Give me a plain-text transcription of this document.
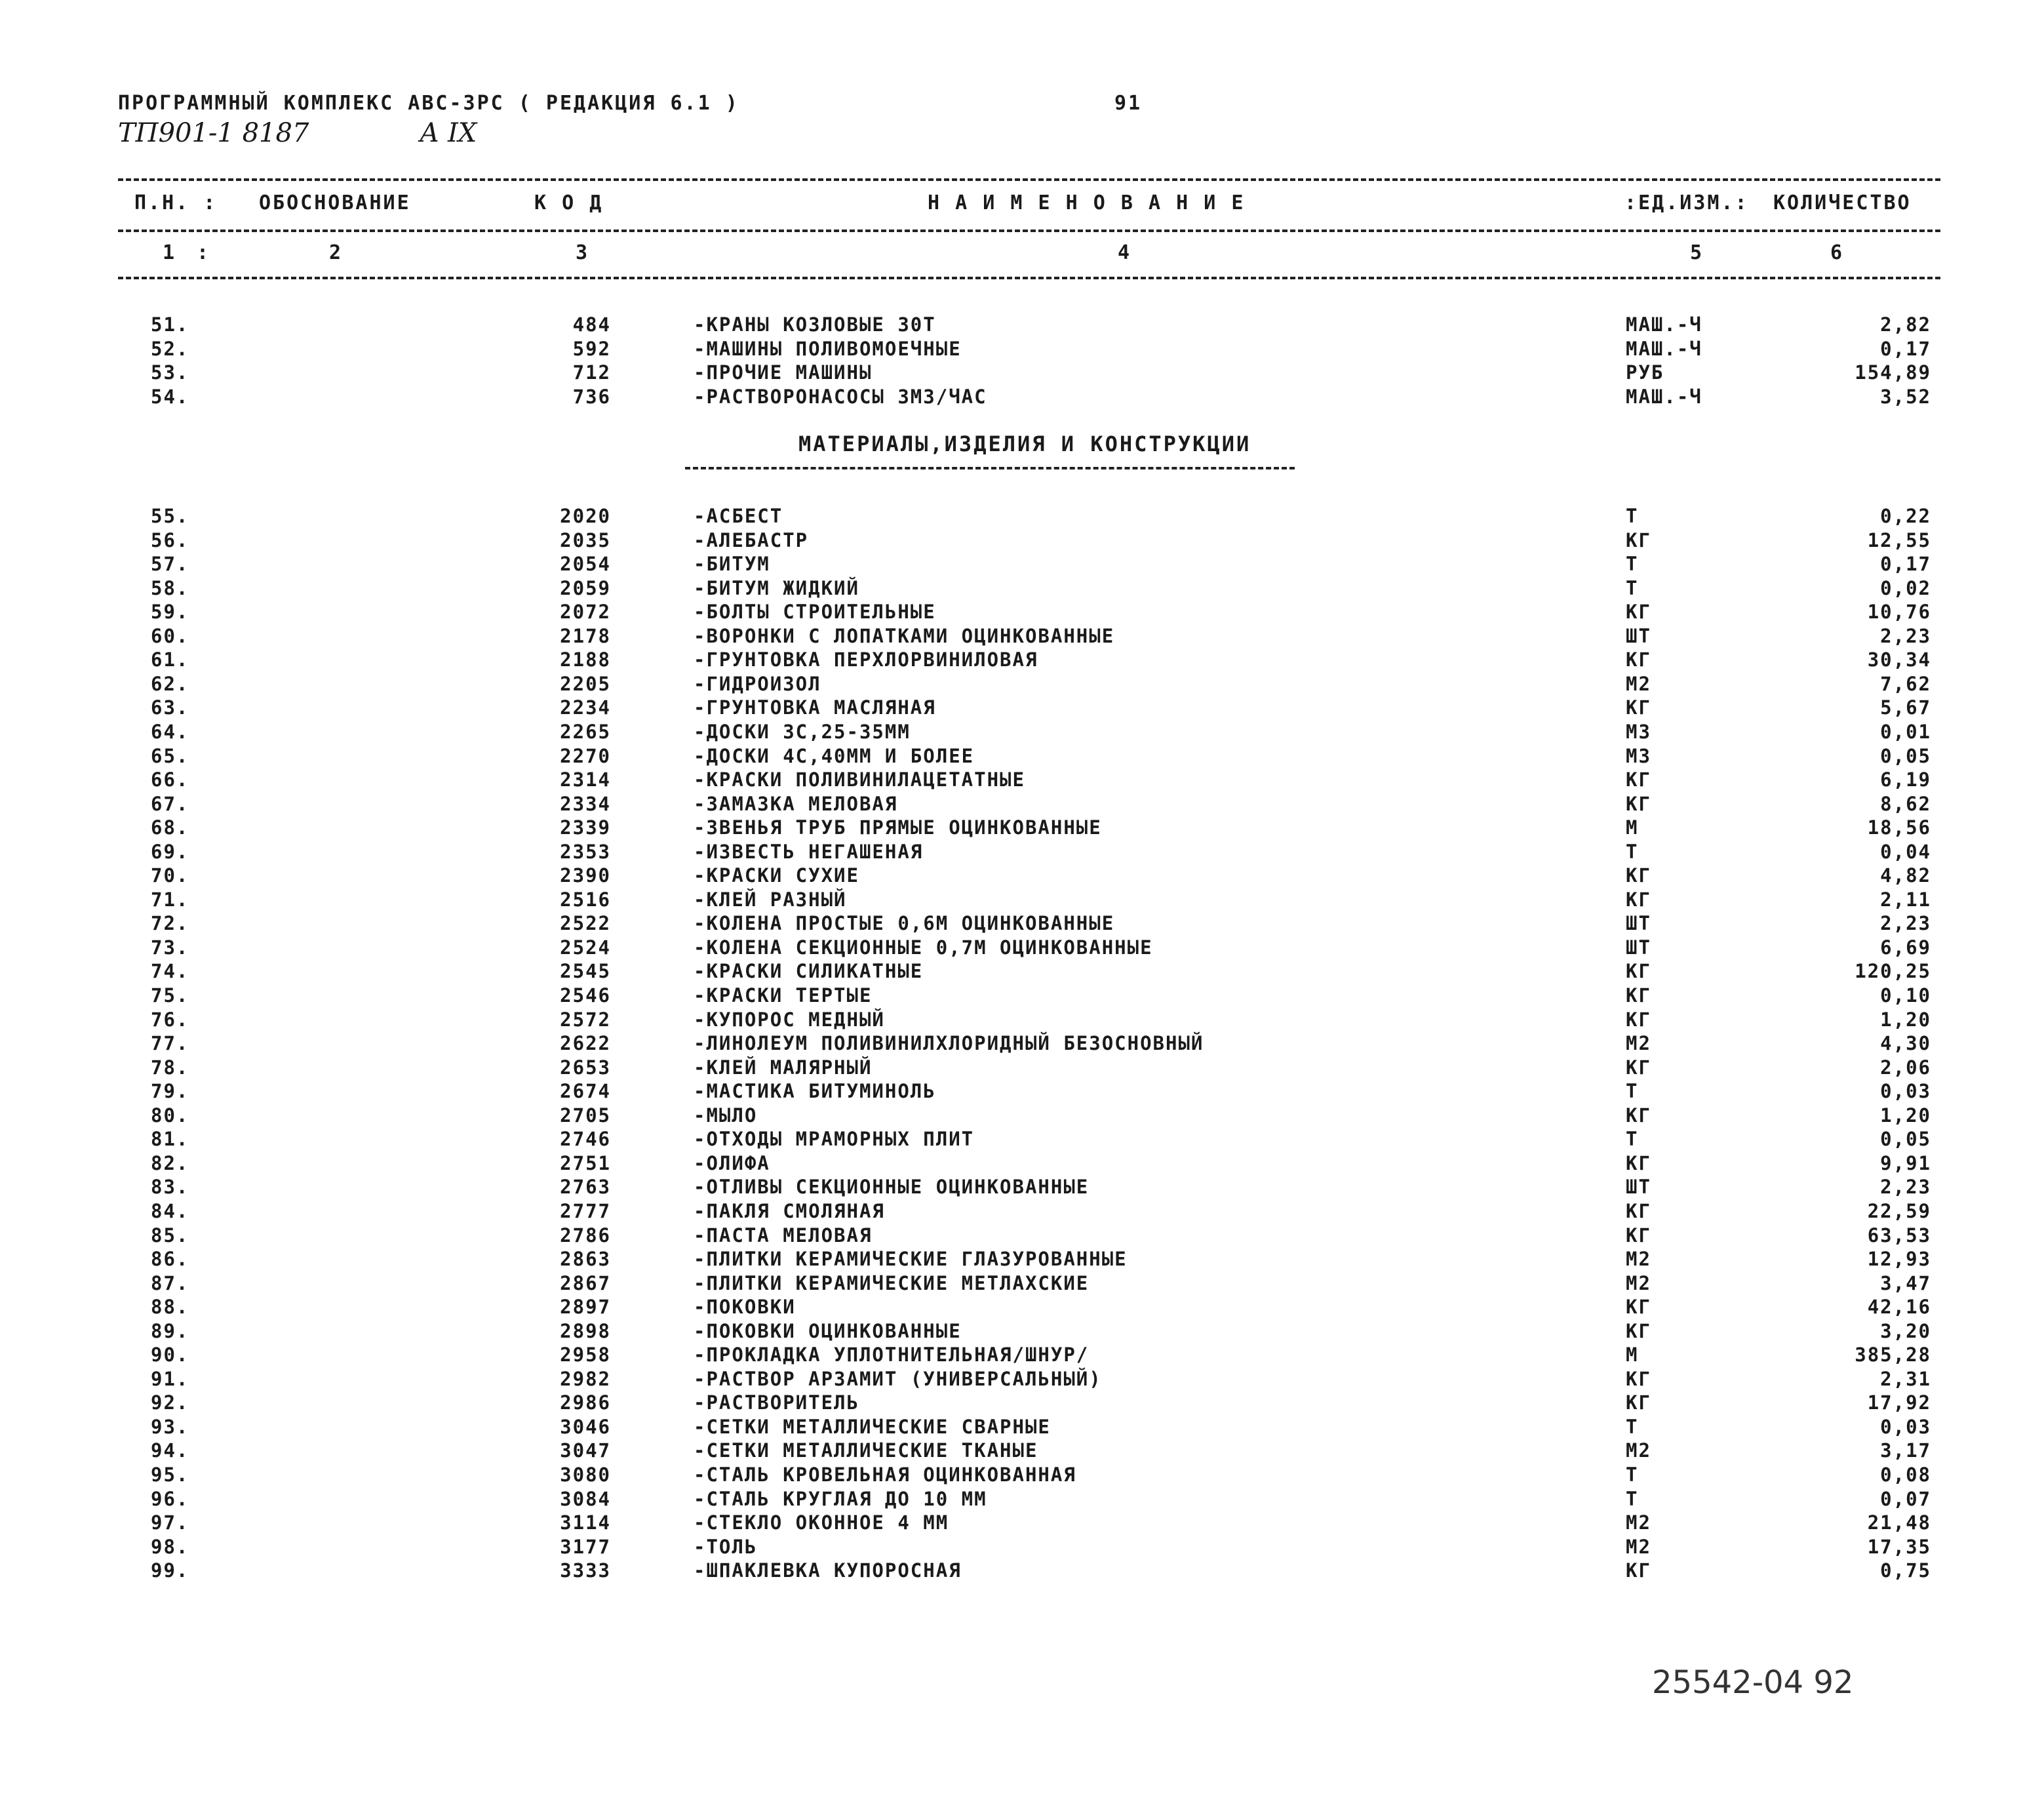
ПРОГРАММНЫЙ КОМПЛЕКС АВС-ЗРС ( РЕДАКЦИЯ 6.1 )	91
ТП901-1 8187	А IX
П.Н. : ОБОСНОВАНИЕ	К О Д	Н А И М Е Н О В А Н И Е	:ЕД.ИЗМ.: КОЛИЧЕСТВО
1 :	2	3	4	5	6
51.	484	-КРАНЫ КОЗЛОВЫЕ 30Т	МАШ.-Ч	2,82
52.	592	-МАШИНЫ ПОЛИВОМОЕЧНЫЕ	МАШ.-Ч	0,17
53.	712	-ПРОЧИЕ МАШИНЫ	РУБ	154,89
54.	736	-РАСТВОРОНАСОСЫ 3М3/ЧАС	МАШ.-Ч	3,52
МАТЕРИАЛЫ,ИЗДЕЛИЯ И КОНСТРУКЦИИ
55.	2020	-АСБЕСТ	Т	0,22
56.	2035	-АЛЕБАСТР	КГ	12,55
57.	2054	-БИТУМ	Т	0,17
58.	2059	-БИТУМ ЖИДКИЙ	Т	0,02
59.	2072	-БОЛТЫ СТРОИТЕЛЬНЫЕ	КГ	10,76
60.	2178	-ВОРОНКИ С ЛОПАТКАМИ ОЦИНКОВАННЫЕ	ШТ	2,23
61.	2188	-ГРУНТОВКА ПЕРХЛОРВИНИЛОВАЯ	КГ	30,34
62.	2205	-ГИДРОИЗОЛ	М2	7,62
63.	2234	-ГРУНТОВКА МАСЛЯНАЯ	КГ	5,67
64.	2265	-ДОСКИ 3С,25-35ММ	М3	0,01
65.	2270	-ДОСКИ 4С,40ММ И БОЛЕЕ	М3	0,05
66.	2314	-КРАСКИ ПОЛИВИНИЛАЦЕТАТНЫЕ	КГ	6,19
67.	2334	-ЗАМАЗКА МЕЛОВАЯ	КГ	8,62
68.	2339	-ЗВЕНЬЯ ТРУБ ПРЯМЫЕ ОЦИНКОВАННЫЕ	М	18,56
69.	2353	-ИЗВЕСТЬ НЕГАШЕНАЯ	Т	0,04
70.	2390	-КРАСКИ СУХИЕ	КГ	4,82
71.	2516	-КЛЕЙ РАЗНЫЙ	КГ	2,11
72.	2522	-КОЛЕНА ПРОСТЫЕ 0,6М ОЦИНКОВАННЫЕ	ШТ	2,23
73.	2524	-КОЛЕНА СЕКЦИОННЫЕ 0,7М ОЦИНКОВАННЫЕ	ШТ	6,69
74.	2545	-КРАСКИ СИЛИКАТНЫЕ	КГ	120,25
75.	2546	-КРАСКИ ТЕРТЫЕ	КГ	0,10
76.	2572	-КУПОРОС МЕДНЫЙ	КГ	1,20
77.	2622	-ЛИНОЛЕУМ ПОЛИВИНИЛХЛОРИДНЫЙ БЕЗОСНОВНЫЙ	М2	4,30
78.	2653	-КЛЕЙ МАЛЯРНЫЙ	КГ	2,06
79.	2674	-МАСТИКА БИТУМИНОЛЬ	Т	0,03
80.	2705	-МЫЛО	КГ	1,20
81.	2746	-ОТХОДЫ МРАМОРНЫХ ПЛИТ	Т	0,05
82.	2751	-ОЛИФА	КГ	9,91
83.	2763	-ОТЛИВЫ СЕКЦИОННЫЕ ОЦИНКОВАННЫЕ	ШТ	2,23
84.	2777	-ПАКЛЯ СМОЛЯНАЯ	КГ	22,59
85.	2786	-ПАСТА МЕЛОВАЯ	КГ	63,53
86.	2863	-ПЛИТКИ КЕРАМИЧЕСКИЕ ГЛАЗУРОВАННЫЕ	М2	12,93
87.	2867	-ПЛИТКИ КЕРАМИЧЕСКИЕ МЕТЛАХСКИЕ	М2	3,47
88.	2897	-ПОКОВКИ	КГ	42,16
89.	2898	-ПОКОВКИ ОЦИНКОВАННЫЕ	КГ	3,20
90.	2958	-ПРОКЛАДКА УПЛОТНИТЕЛЬНАЯ/ШНУР/	М	385,28
91.	2982	-РАСТВОР АРЗАМИТ (УНИВЕРСАЛЬНЫЙ)	КГ	2,31
92.	2986	-РАСТВОРИТЕЛЬ	КГ	17,92
93.	3046	-СЕТКИ МЕТАЛЛИЧЕСКИЕ СВАРНЫЕ	Т	0,03
94.	3047	-СЕТКИ МЕТАЛЛИЧЕСКИЕ ТКАНЫЕ	М2	3,17
95.	3080	-СТАЛЬ КРОВЕЛЬНАЯ ОЦИНКОВАННАЯ	Т	0,08
96.	3084	-СТАЛЬ КРУГЛАЯ ДО 10 ММ	Т	0,07
97.	3114	-СТЕКЛО ОКОННОЕ 4 ММ	М2	21,48
98.	3177	-ТОЛЬ	М2	17,35
99.	3333	-ШПАКЛЕВКА КУПОРОСНАЯ	КГ	0,75
25542-04 92
